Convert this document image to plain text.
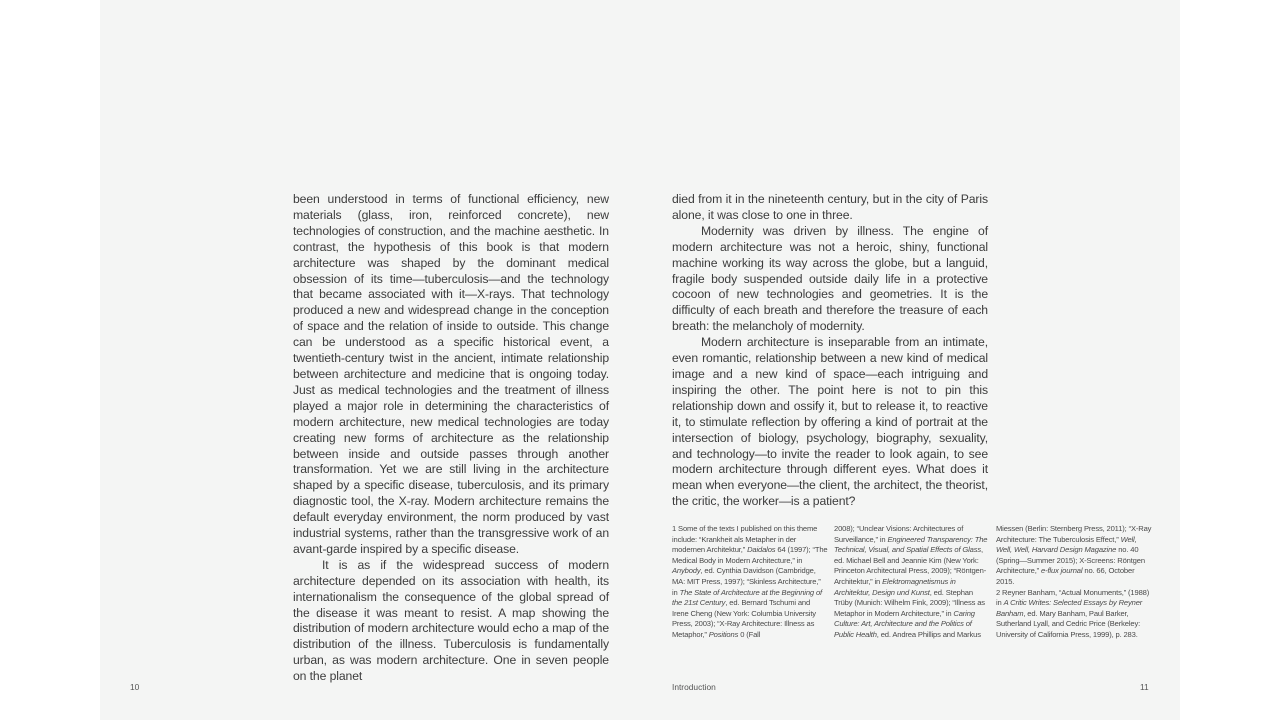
been understood in terms of functional efficiency, new materials (glass, iron, reinforced concrete), new technologies of construction, and the machine aesthetic. In contrast, the hypothesis of this book is that modern architecture was shaped by the dominant medical obsession of its time—tuberculosis—and the technology that became associated with it—X-rays. That technology produced a new and widespread change in the conception of space and the relation of inside to outside. This change can be understood as a specific historical event, a twentieth-century twist in the ancient, intimate relationship between architecture and medicine that is ongoing today. Just as medical technologies and the treatment of illness played a major role in determining the characteristics of modern architecture, new medical technologies are today creating new forms of architecture as the relationship between inside and outside passes through another transformation. Yet we are still living in the architecture shaped by a specific disease, tuberculosis, and its primary diagnostic tool, the X-ray. Modern architecture remains the default everyday environment, the norm produced by vast industrial systems, rather than the transgressive work of an avant-garde inspired by a specific disease.

It is as if the widespread success of modern architecture depended on its association with health, its internationalism the consequence of the global spread of the disease it was meant to resist. A map showing the distribution of modern architecture would echo a map of the distribution of the illness. Tuberculosis is fundamentally urban, as was modern architecture. One in seven people on the planet

died from it in the nineteenth century, but in the city of Paris alone, it was close to one in three.

Modernity was driven by illness. The engine of modern architecture was not a heroic, shiny, functional machine working its way across the globe, but a languid, fragile body suspended outside daily life in a protective cocoon of new technologies and geometries. It is the difficulty of each breath and therefore the treasure of each breath: the melancholy of modernity.

Modern architecture is inseparable from an intimate, even romantic, relationship between a new kind of medical image and a new kind of space—each intriguing and inspiring the other. The point here is not to pin this relationship down and ossify it, but to release it, to reactive it, to stimulate reflection by offering a kind of portrait at the intersection of biology, psychology, biography, sexuality, and technology—to invite the reader to look again, to see modern architecture through different eyes. What does it mean when everyone—the client, the architect, the theorist, the critic, the worker—is a patient?

1 Some of the texts I published on this theme include: “Krankheit als Metapher in der modernen Architektur,” Daidalos 64 (1997); “The Medical Body in Modern Architecture,” in Anybody, ed. Cynthia Davidson (Cambridge, MA: MIT Press, 1997); “Skinless Architecture,” in The State of Architecture at the Beginning of the 21st Century, ed. Bernard Tschumi and Irene Cheng (New York: Columbia University Press, 2003); “X-Ray Architecture: Illness as Metaphor,” Positions 0 (Fall

2008); “Unclear Visions: Architectures of Surveillance,” in Engineered Transparency: The Technical, Visual, and Spatial Effects of Glass, ed. Michael Bell and Jeannie Kim (New York: Princeton Architectural Press, 2009); “Röntgen-Architektur,” in Elektromagnetismus in Architektur, Design und Kunst, ed. Stephan Trüby (Munich: Wilhelm Fink, 2009); “Illness as Metaphor in Modern Architecture,” in Caring Culture: Art, Architecture and the Politics of Public Health, ed. Andrea Phillips and Markus

Miessen (Berlin: Sternberg Press, 2011); “X-Ray Architecture: The Tuberculosis Effect,” Well, Well, Well, Harvard Design Magazine no. 40 (Spring—Summer 2015); X-Screens: Röntgen Architecture,” e-flux journal no. 66, October 2015.

2 Reyner Banham, “Actual Monuments,” (1988) in A Critic Writes: Selected Essays by Reyner Banham, ed. Mary Banham, Paul Barker, Sutherland Lyall, and Cedric Price (Berkeley: University of California Press, 1999), p. 283.

10	Introduction	11
